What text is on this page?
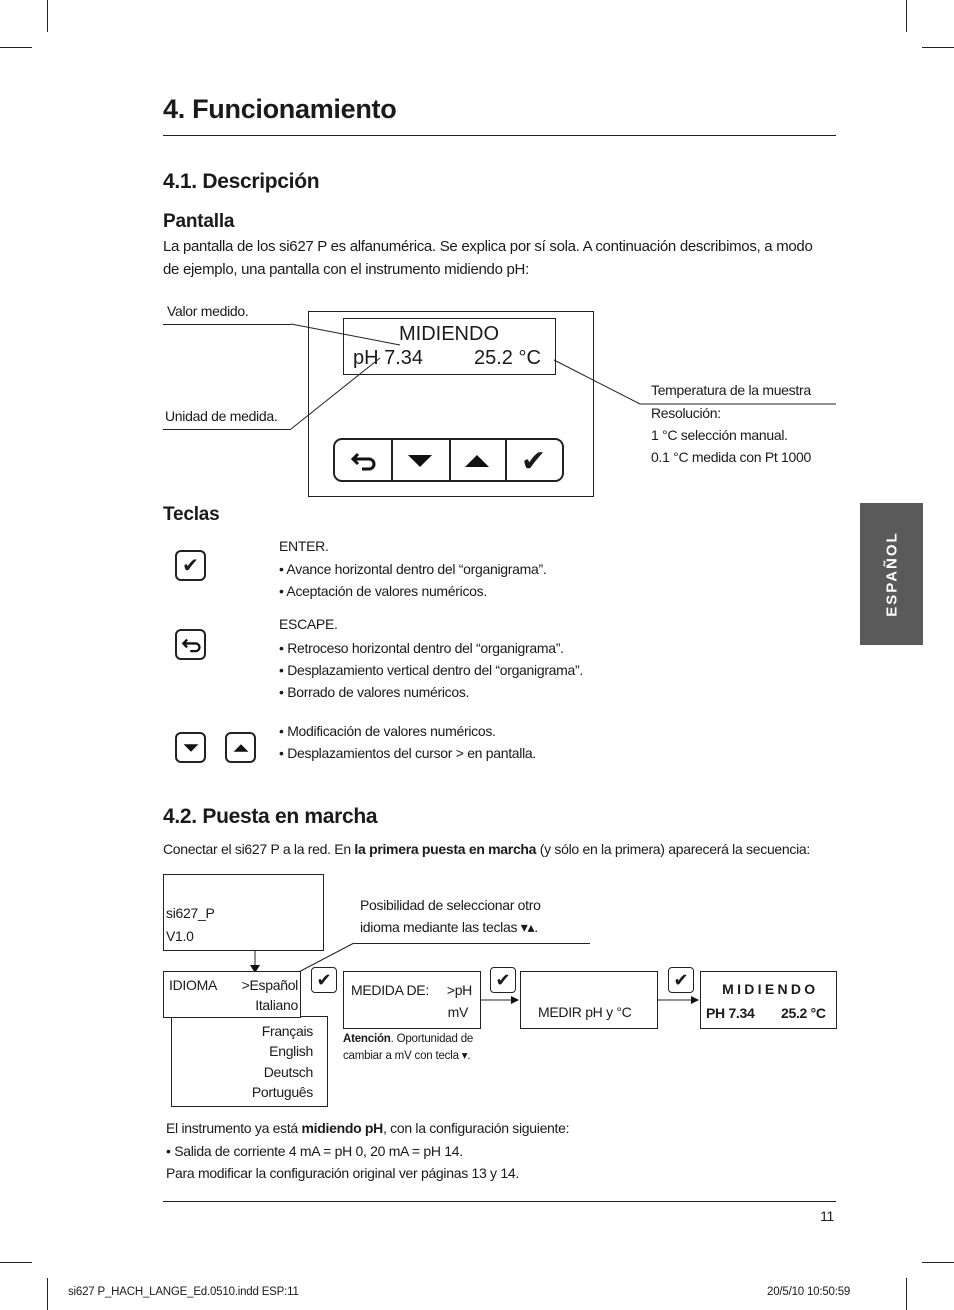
4. Funcionamiento
ESPAÑOL
4.1. Descripción
Pantalla
La pantalla de los si627 P es alfanumérica. Se explica por sí sola. A continuación describimos, a modo
de ejemplo, una pantalla con el instrumento midiendo pH:
MIDIENDO
pH 7.34	25.2 °C
✔
Valor medido.
Unidad de medida.
Temperatura de la muestra
Resolución:
1 °C selección manual.
0.1 °C medida con Pt 1000
Teclas
✔
ENTER.
• Avance horizontal dentro del “organigrama”.
• Aceptación de valores numéricos.
ESCAPE.
• Retroceso horizontal dentro del “organigrama”.
• Desplazamiento vertical dentro del “organigrama”.
• Borrado de valores numéricos.
• Modificación de valores numéricos.
• Desplazamientos del cursor > en pantalla.
4.2. Puesta en marcha
Conectar el si627 P a la red. En la primera puesta en marcha (y sólo en la primera) aparecerá la secuencia:
si627_P
V1.0
Posibilidad de seleccionar otro
idioma mediante las teclas ▾▴.
IDIOMA >Español
Italiano
Français
English
Deutsch
Português
✔
MEDIDA DE: >pH
mV
Atención. Oportunidad de
cambiar a mV con tecla ▾.
✔
MEDIR pH y °C
✔	M I D I E N D O
PH 7.34 25.2 °C
El instrumento ya está midiendo pH, con la configuración siguiente:
• Salida de corriente 4 mA = pH 0, 20 mA = pH 14.
Para modificar la configuración original ver páginas 13 y 14.
11
si627 P_HACH_LANGE_Ed.0510.indd ESP:11	20/5/10 10:50:59
